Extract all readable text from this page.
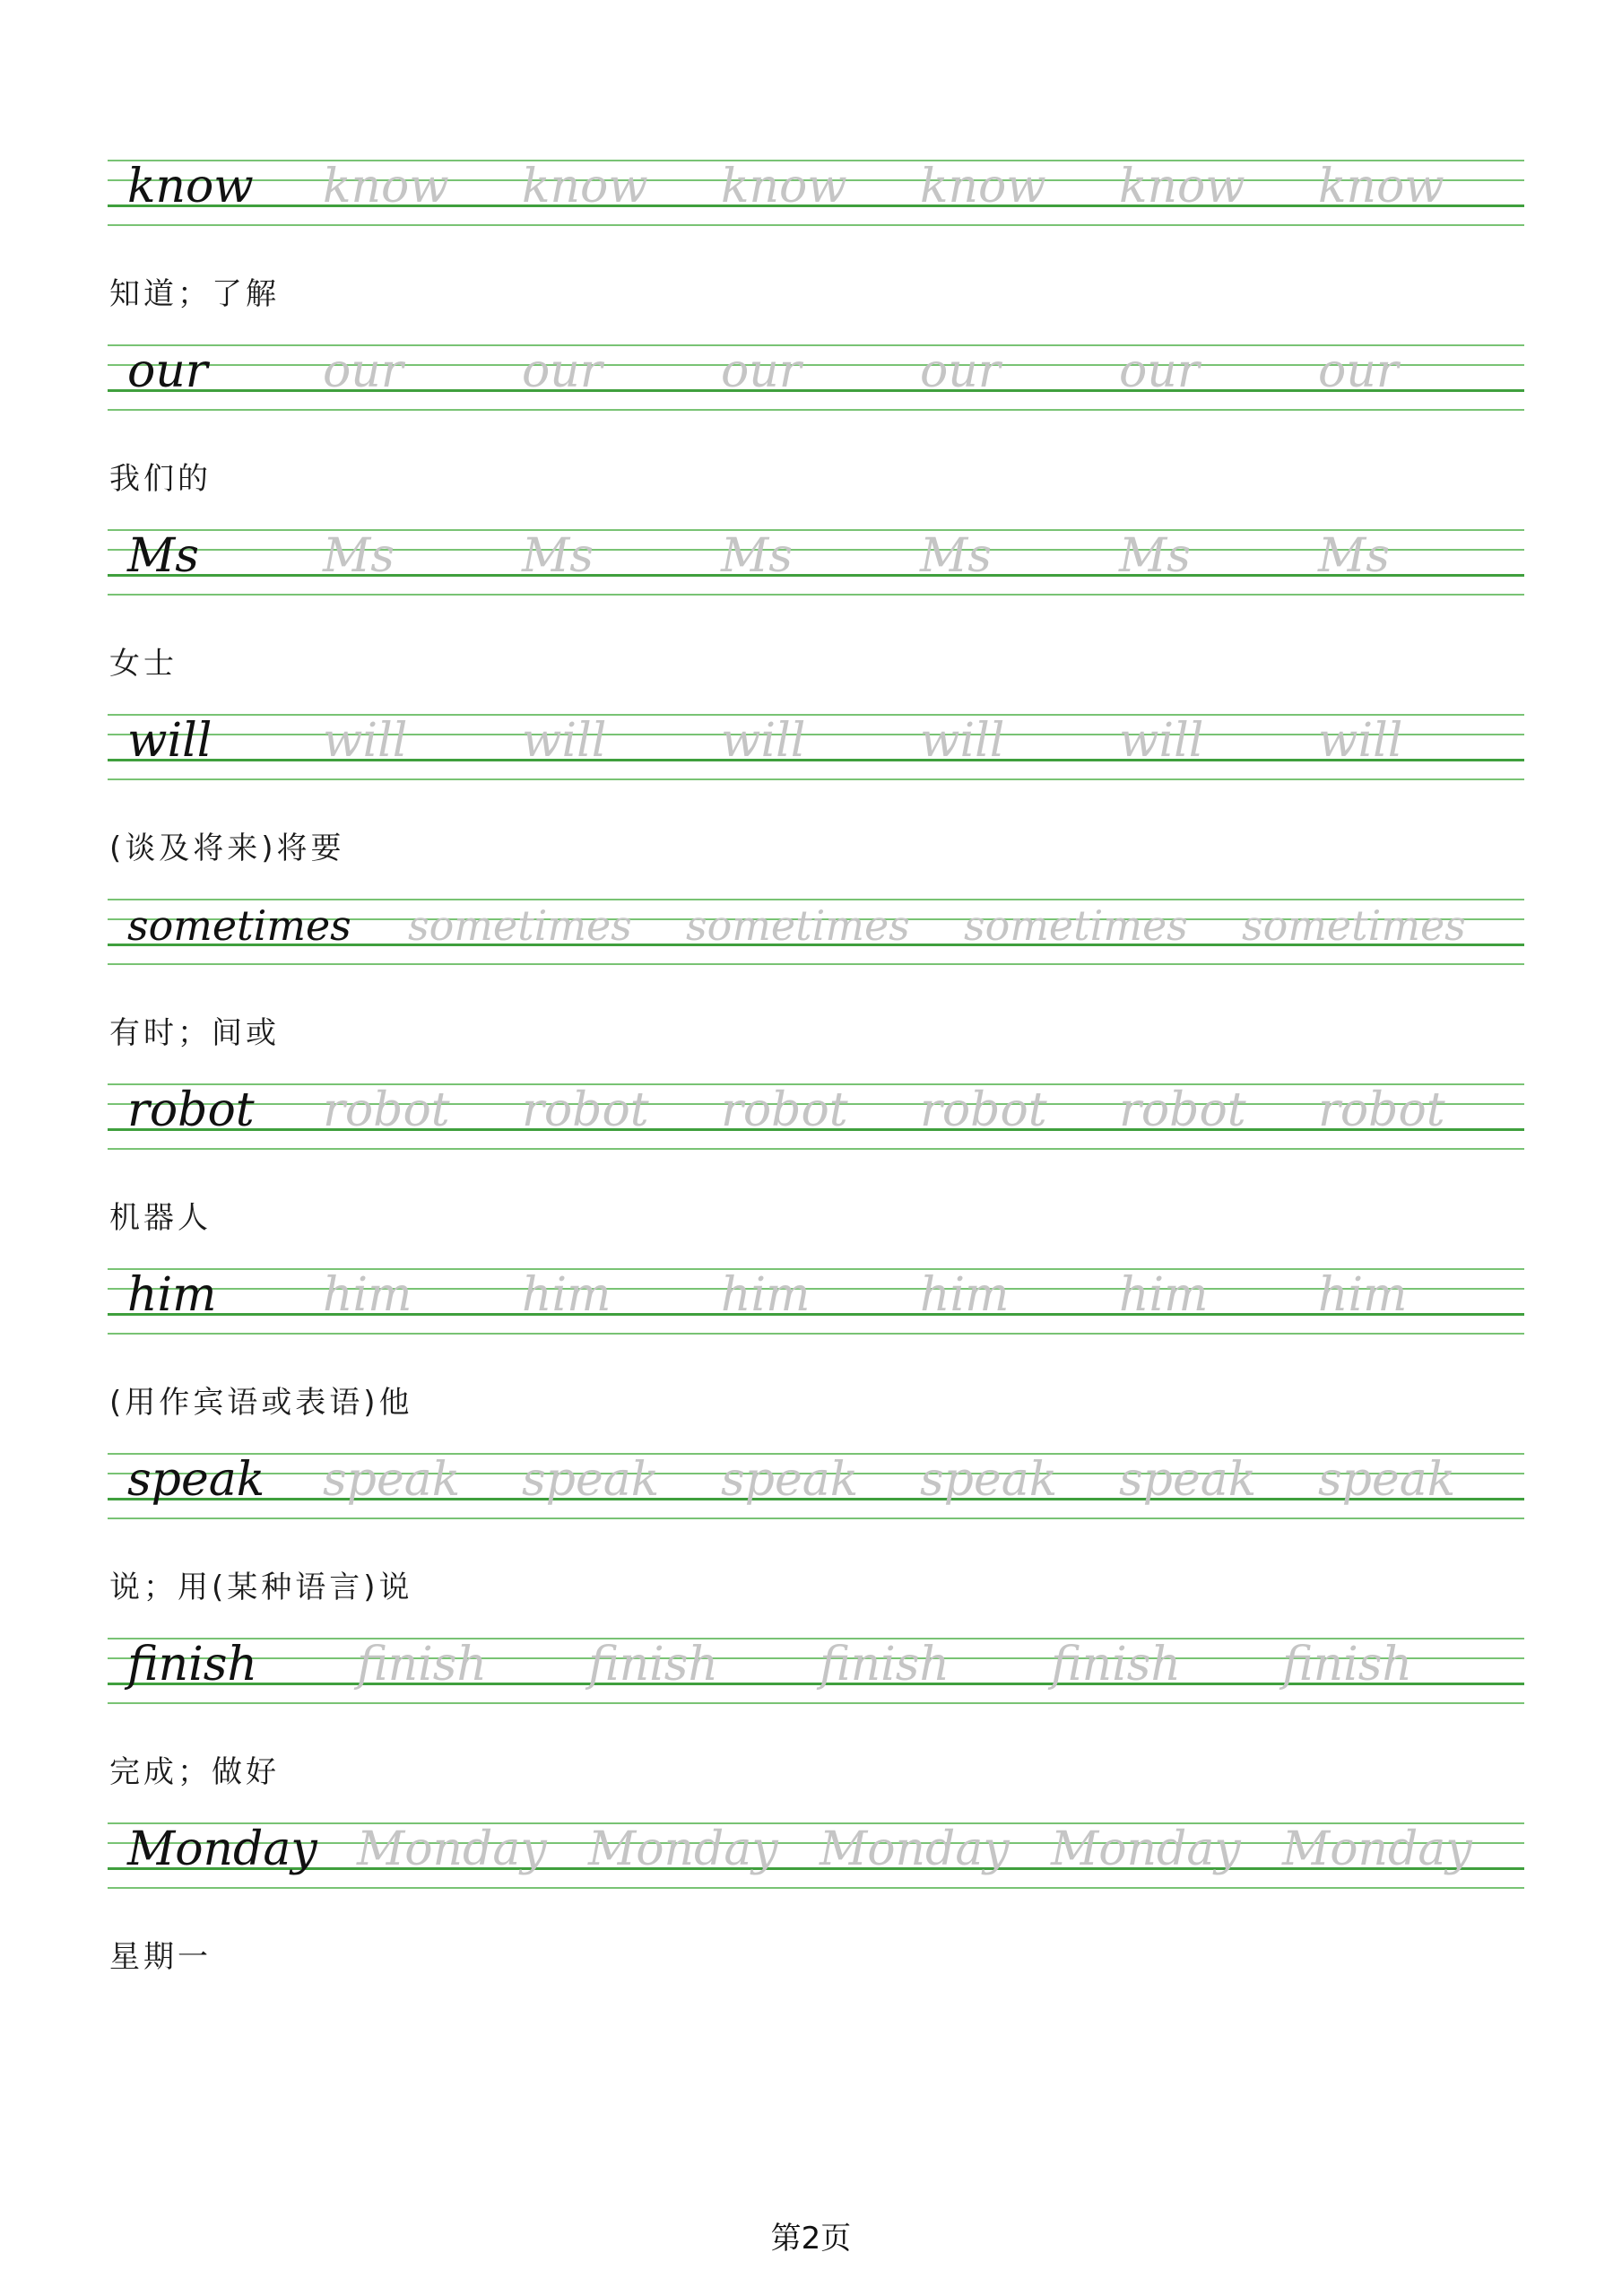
know know know know know know know
知道；了解
our our	our	our	our	our	our
我们的
Ms	Ms	Ms	Ms	Ms	Ms	Ms
女士
will will will will will will will
(谈及将来)将要
sometimes sometimes sometimes sometimes sometimes
有时；间或
robot robot robot robot robot robot robot
机器人
him him him him him him him
(用作宾语或表语)他
speak speak speak speak speak speak speak
说；用(某种语言)说
finish finish finish finish finish finish
完成；做好
Monday Monday Monday Monday Monday Monday
星期一
第2页
